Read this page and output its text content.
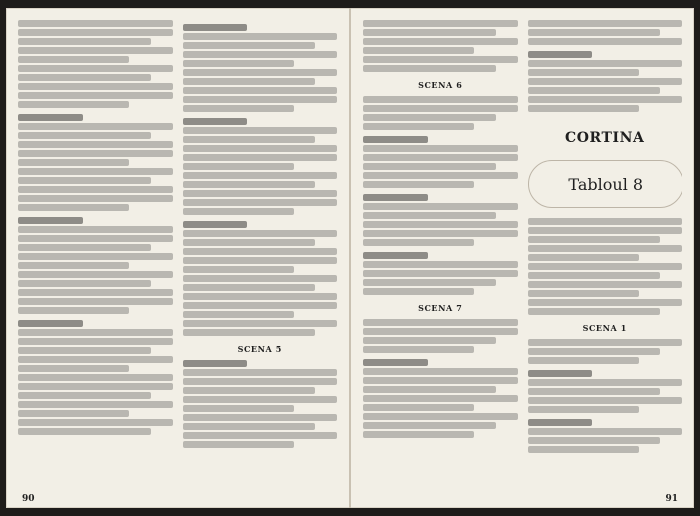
SCENA 5
90
SCENA 6
SCENA 7
CORTINA
Tabloul 8
SCENA 1
91
